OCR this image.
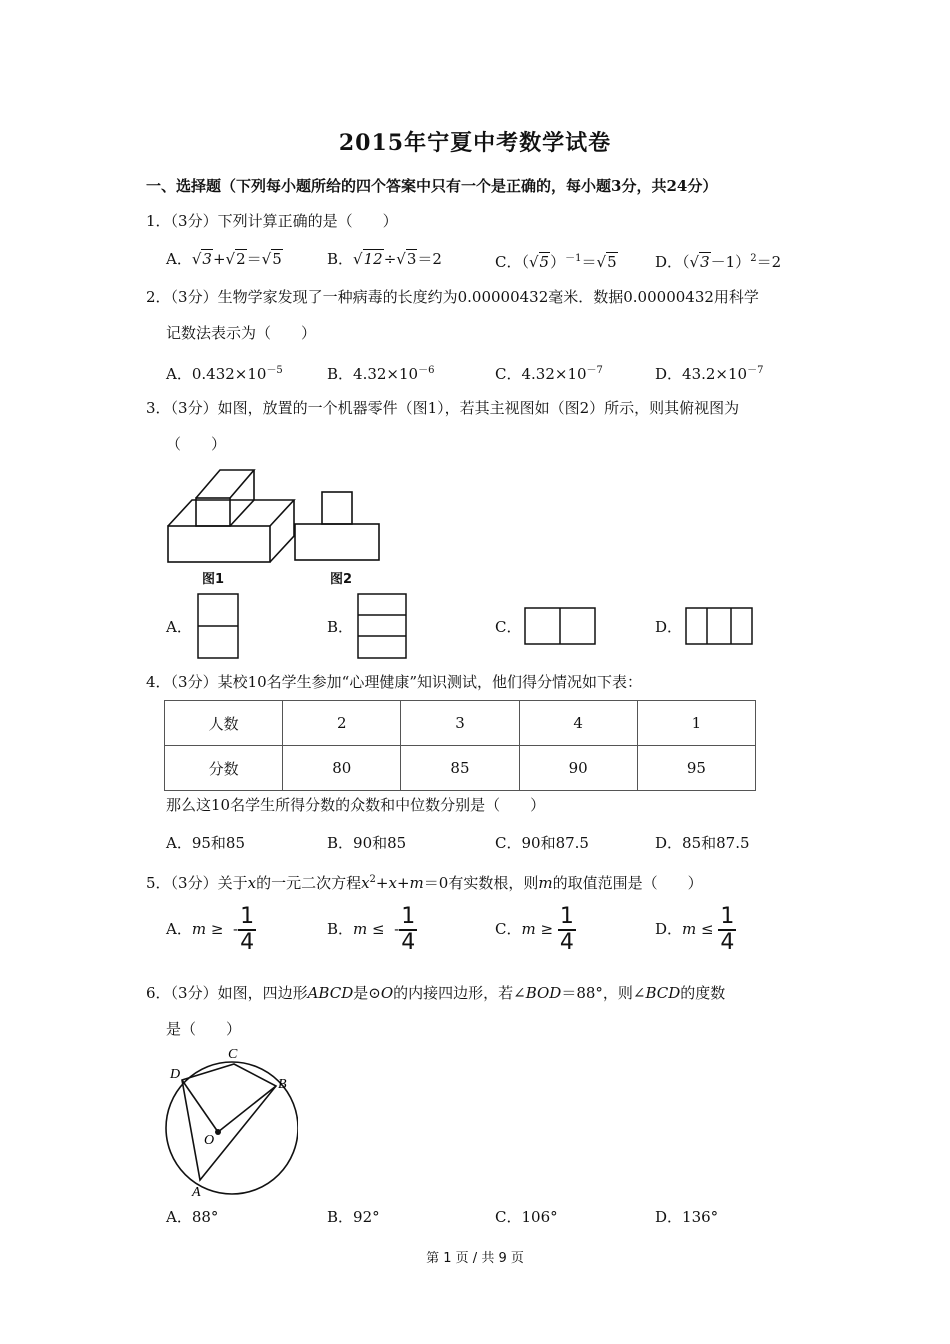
2015年宁夏中考数学试卷
一、选择题（下列每小题所给的四个答案中只有一个是正确的，每小题3分，共24分）
1．（3分）下列计算正确的是（　　）
A．√3+√2＝√5	B．√12÷√3＝2	C．$(√5)^{-1}=√5$	D．$(√3-1)^2=2$
2．（3分）生物学家发现了一种病毒的长度约为0.00000432毫米．数据0.00000432用科学
记数法表示为（　　）
A．$0.432\times 10^{-5}$	B．$4.32\times 10^{-6}$	C．$4.32\times 10^{-7}$	D．$43.2\times 10^{-7}$
3．（3分）如图，放置的一个机器零件（图1），若其主视图如（图2）所示，则其俯视图为
（　　）
图1	图2
A．	B．	C．	D．
4．（3分）某校10名学生参加“心理健康”知识测试，他们得分情况如下表：
人数	2	3	4	1
分数	80	85	90	95
那么这10名学生所得分数的众数和中位数分别是（　　）
A．95和85	B．90和85	C．90和87.5	D．85和87.5
5．（3分）关于x的一元二次方程$x^2+x+m=0$有实数根，则m的取值范围是（　　）
A．m ≥ - $\frac{1}{4}$	B．m ≤ - $\frac{1}{4}$	C．$m \ge \frac{1}{4}$	D．$m \le \frac{1}{4}$
6．（3分）如图，四边形ABCD是⊙O的内接四边形，若∠BOD＝88°，则∠BCD的度数
是（　　）
D
C
B
O
A
A．88°	B．92°	C．106°	D．136°
第 1 页 / 共 9 页
